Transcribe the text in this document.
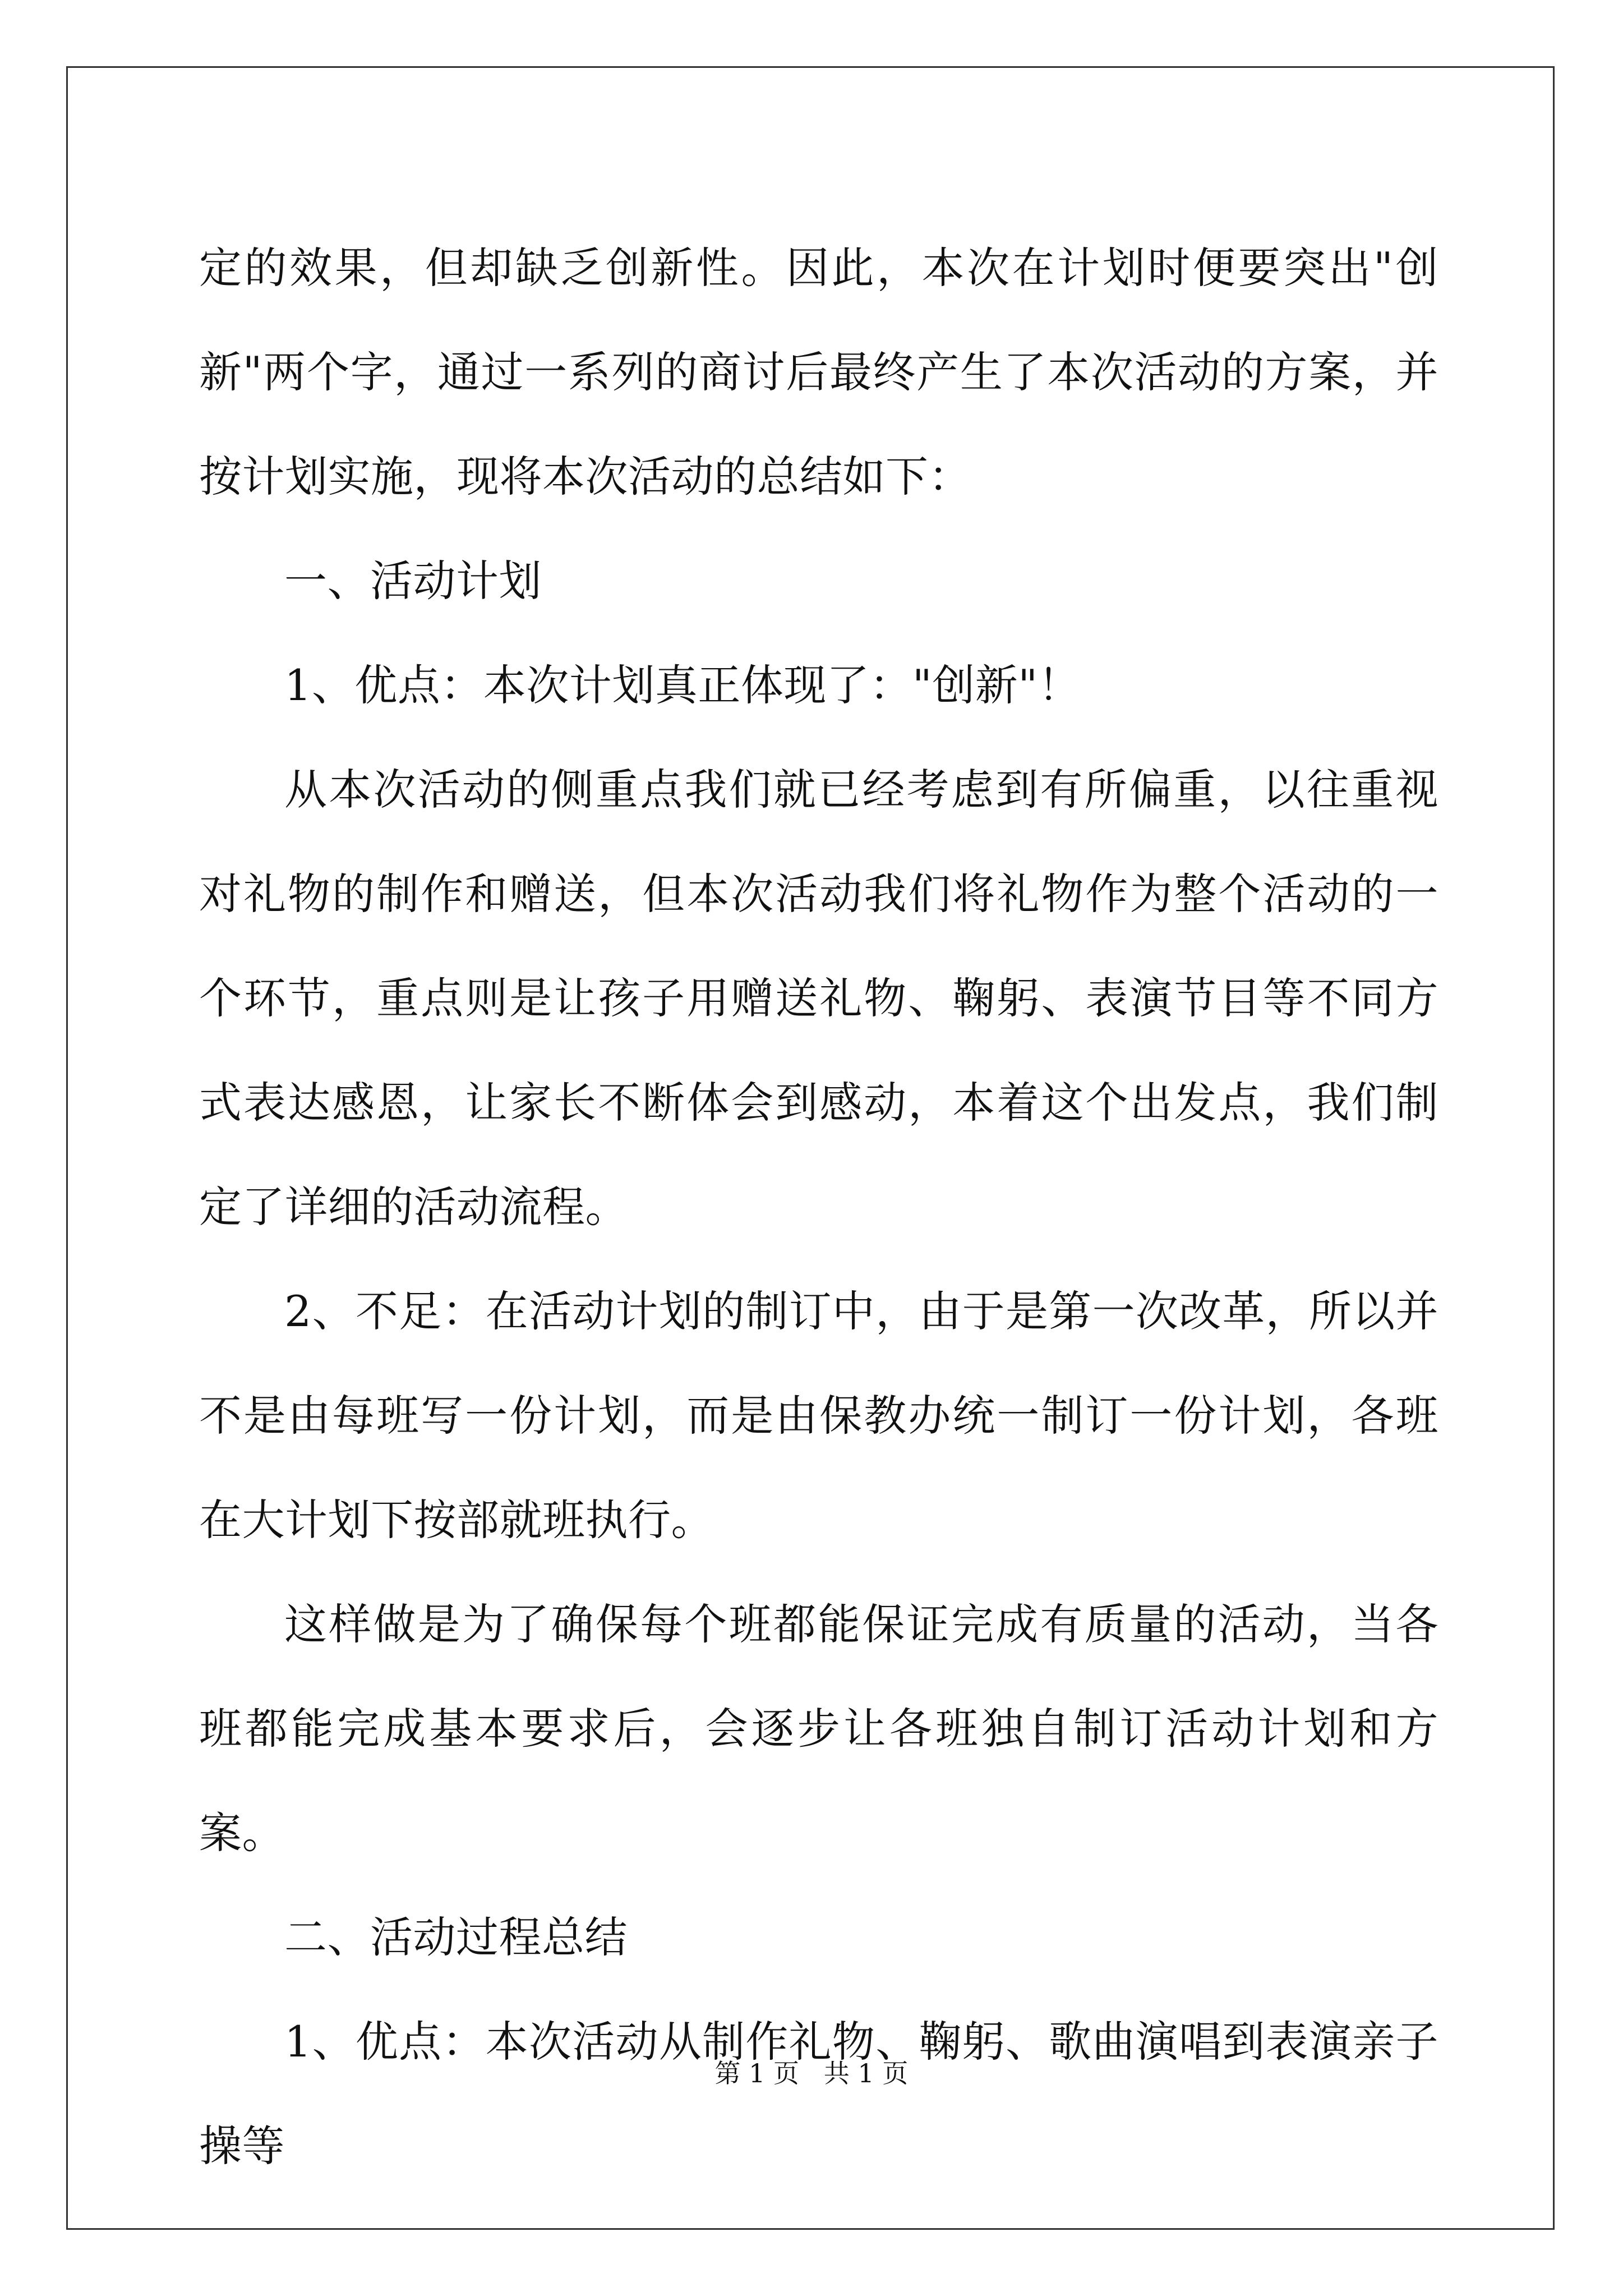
定的效果，但却缺乏创新性。因此，本次在计划时便要突出"创新"两个字，通过一系列的商讨后最终产生了本次活动的方案，并按计划实施，现将本次活动的总结如下：

一、活动计划

1、优点：本次计划真正体现了："创新"！

从本次活动的侧重点我们就已经考虑到有所偏重，以往重视对礼物的制作和赠送，但本次活动我们将礼物作为整个活动的一个环节，重点则是让孩子用赠送礼物、鞠躬、表演节目等不同方式表达感恩，让家长不断体会到感动，本着这个出发点，我们制定了详细的活动流程。

2、不足：在活动计划的制订中，由于是第一次改革，所以并不是由每班写一份计划，而是由保教办统一制订一份计划，各班在大计划下按部就班执行。

这样做是为了确保每个班都能保证完成有质量的活动，当各班都能完成基本要求后，会逐步让各班独自制订活动计划和方案。

二、活动过程总结

1、优点：本次活动从制作礼物、鞠躬、歌曲演唱到表演亲子操等

第 1 页   共 1 页
